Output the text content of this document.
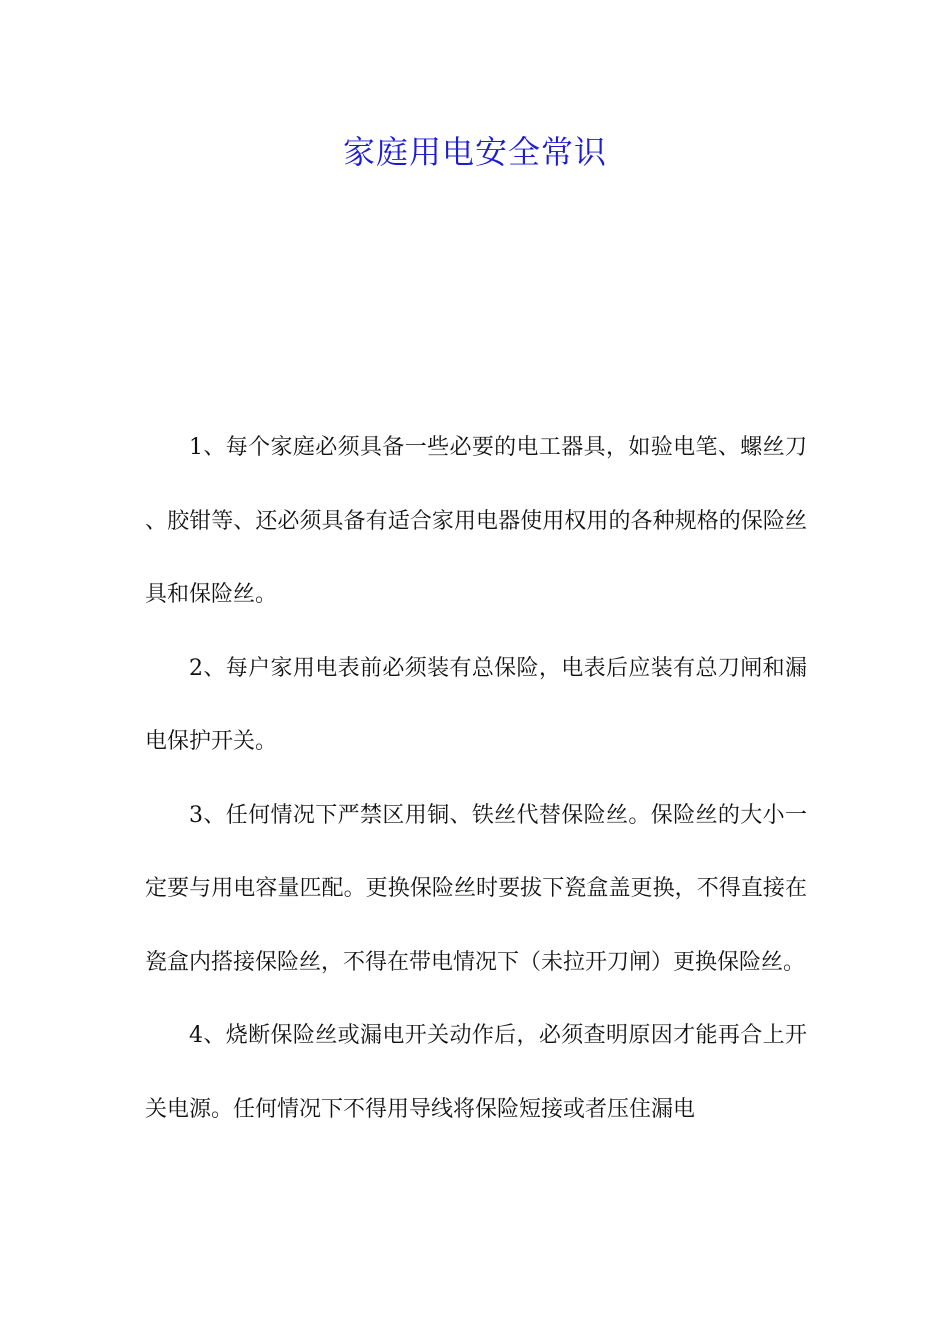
家庭用电安全常识

1、每个家庭必须具备一些必要的电工器具，如验电笔、螺丝刀、胶钳等、还必须具备有适合家用电器使用权用的各种规格的保险丝具和保险丝。

2、每户家用电表前必须装有总保险，电表后应装有总刀闸和漏电保护开关。

3、任何情况下严禁区用铜、铁丝代替保险丝。保险丝的大小一定要与用电容量匹配。更换保险丝时要拔下瓷盒盖更换，不得直接在瓷盒内搭接保险丝，不得在带电情况下（未拉开刀闸）更换保险丝。

4、烧断保险丝或漏电开关动作后，必须查明原因才能再合上开关电源。任何情况下不得用导线将保险短接或者压住漏电
